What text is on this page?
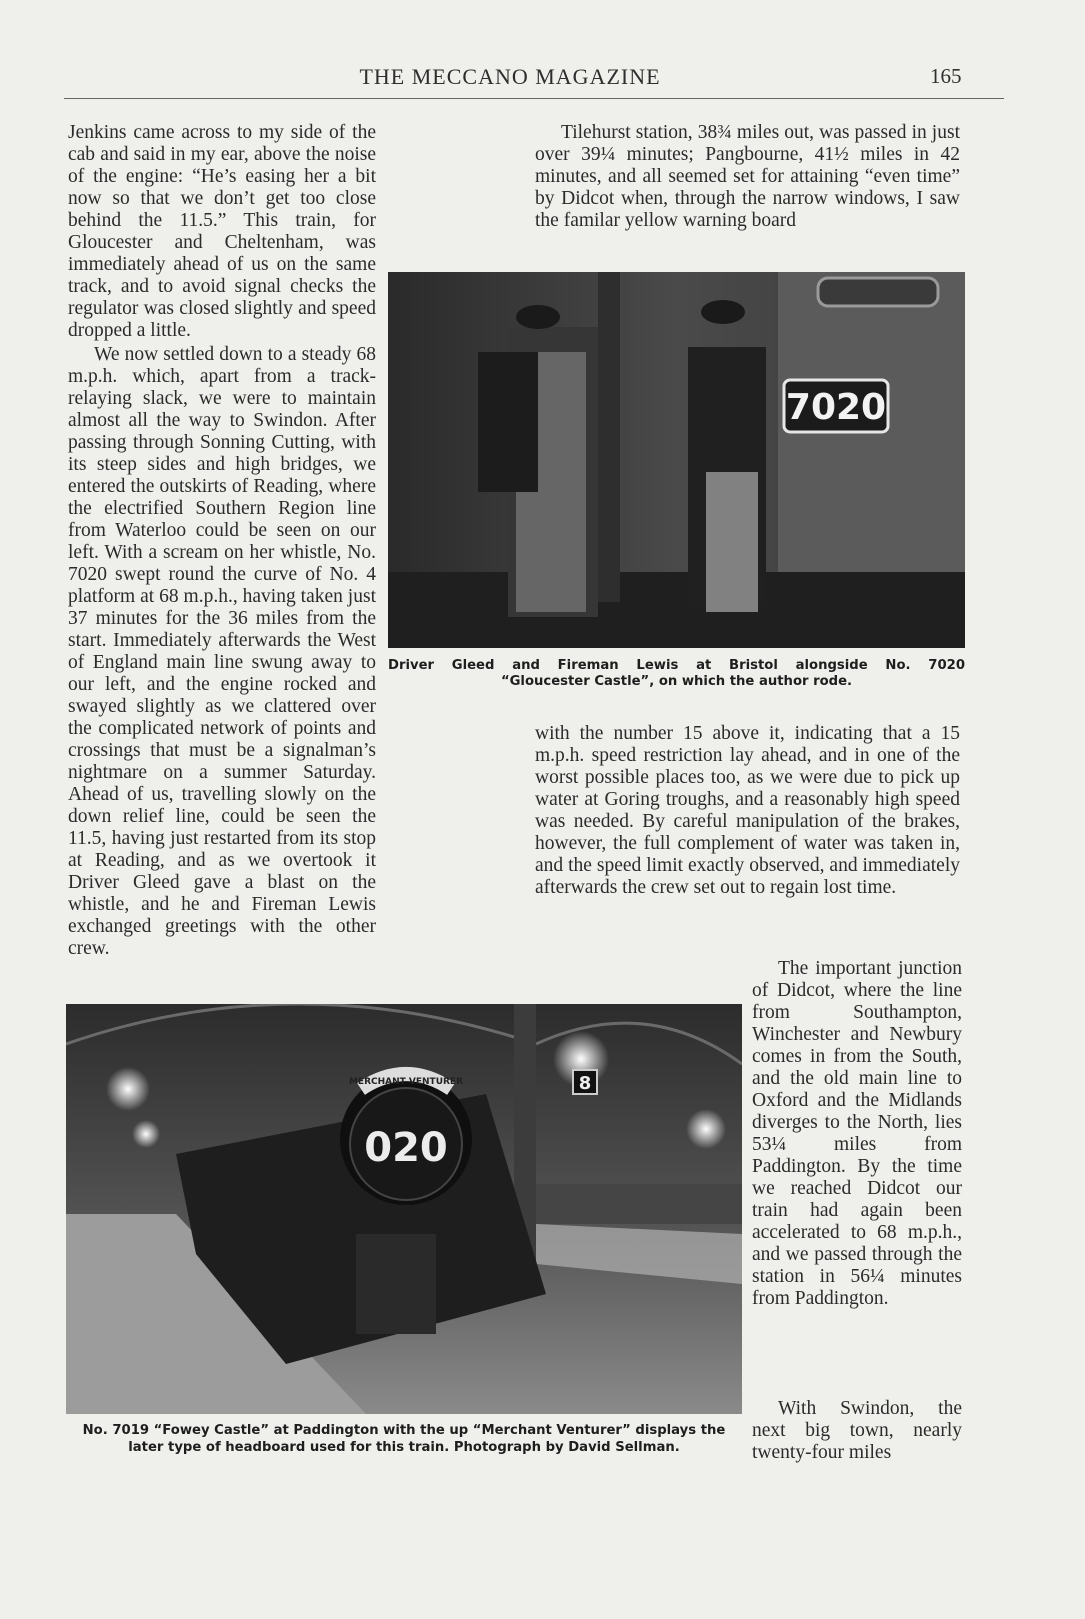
THE MECCANO MAGAZINE	165

Jenkins came across to my side of the cab and said in my ear, above the noise of the engine: “He’s easing her a bit now so that we don’t get too close behind the 11.5.” This train, for Gloucester and Cheltenham, was immediately ahead of us on the same track, and to avoid signal checks the regulator was closed slightly and speed dropped a little.

We now settled down to a steady 68 m.p.h. which, apart from a track-relaying slack, we were to maintain almost all the way to Swindon. After passing through Sonning Cutting, with its steep sides and high bridges, we entered the outskirts of Reading, where the electrified Southern Region line from Waterloo could be seen on our left. With a scream on her whistle, No. 7020 swept round the curve of No. 4 platform at 68 m.p.h., having taken just 37 minutes for the 36 miles from the start. Immediately afterwards the West of England main line swung away to our left, and the engine rocked and swayed slightly as we clattered over the complicated network of points and crossings that must be a signalman’s nightmare on a summer Saturday. Ahead of us, travelling slowly on the down relief line, could be seen the 11.5, having just restarted from its stop at Reading, and as we overtook it Driver Gleed gave a blast on the whistle, and he and Fireman Lewis exchanged greetings with the other crew.

Tilehurst station, 38¾ miles out, was passed in just over 39¼ minutes; Pangbourne, 41½ miles in 42 minutes, and all seemed set for attaining “even time” by Didcot when, through the narrow windows, I saw the familar yellow warning board

with the number 15 above it, indicating that a 15 m.p.h. speed restriction lay ahead, and in one of the worst possible places too, as we were due to pick up water at Goring troughs, and a reasonably high speed was needed. By careful manipulation of the brakes, however, the full complement of water was taken in, and the speed limit exactly observed, and immediately afterwards the crew set out to regain lost time.

The important junction of Didcot, where the line from Southampton, Winchester and Newbury comes in from the South, and the old main line to Oxford and the Midlands diverges to the North, lies 53¼ miles from Paddington. By the time we reached Didcot our train had again been accelerated to 68 m.p.h., and we passed through the station in 56¼ minutes from Paddington.

With Swindon, the next big town, nearly twenty-four miles

7020

Driver Gleed and Fireman Lewis at Bristol alongside No. 7020

“Gloucester Castle”, on which the author rode.

MERCHANT VENTURER
020
8

No. 7019 “Fowey Castle” at Paddington with the up “Merchant Venturer” displays the

later type of headboard used for this train. Photograph by David Sellman.
